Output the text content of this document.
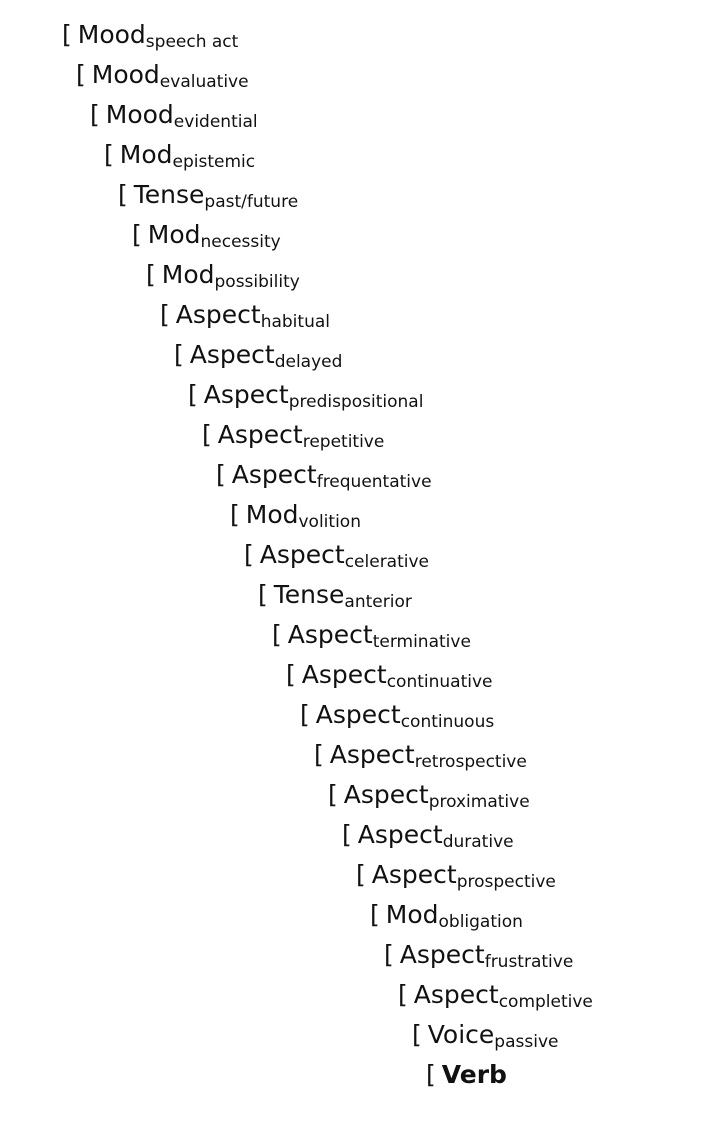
[ Moodspeech act
[ Moodevaluative
[ Moodevidential
[ Modepistemic
[ Tensepast/future
[ Modnecessity
[ Modpossibility
[ Aspecthabitual
[ Aspectdelayed
[ Aspectpredispositional
[ Aspectrepetitive
[ Aspectfrequentative
[ Modvolition
[ Aspectcelerative
[ Tenseanterior
[ Aspectterminative
[ Aspectcontinuative
[ Aspectcontinuous
[ Aspectretrospective
[ Aspectproximative
[ Aspectdurative
[ Aspectprospective
[ Modobligation
[ Aspectfrustrative
[ Aspectcompletive
[ Voicepassive
[ Verb
